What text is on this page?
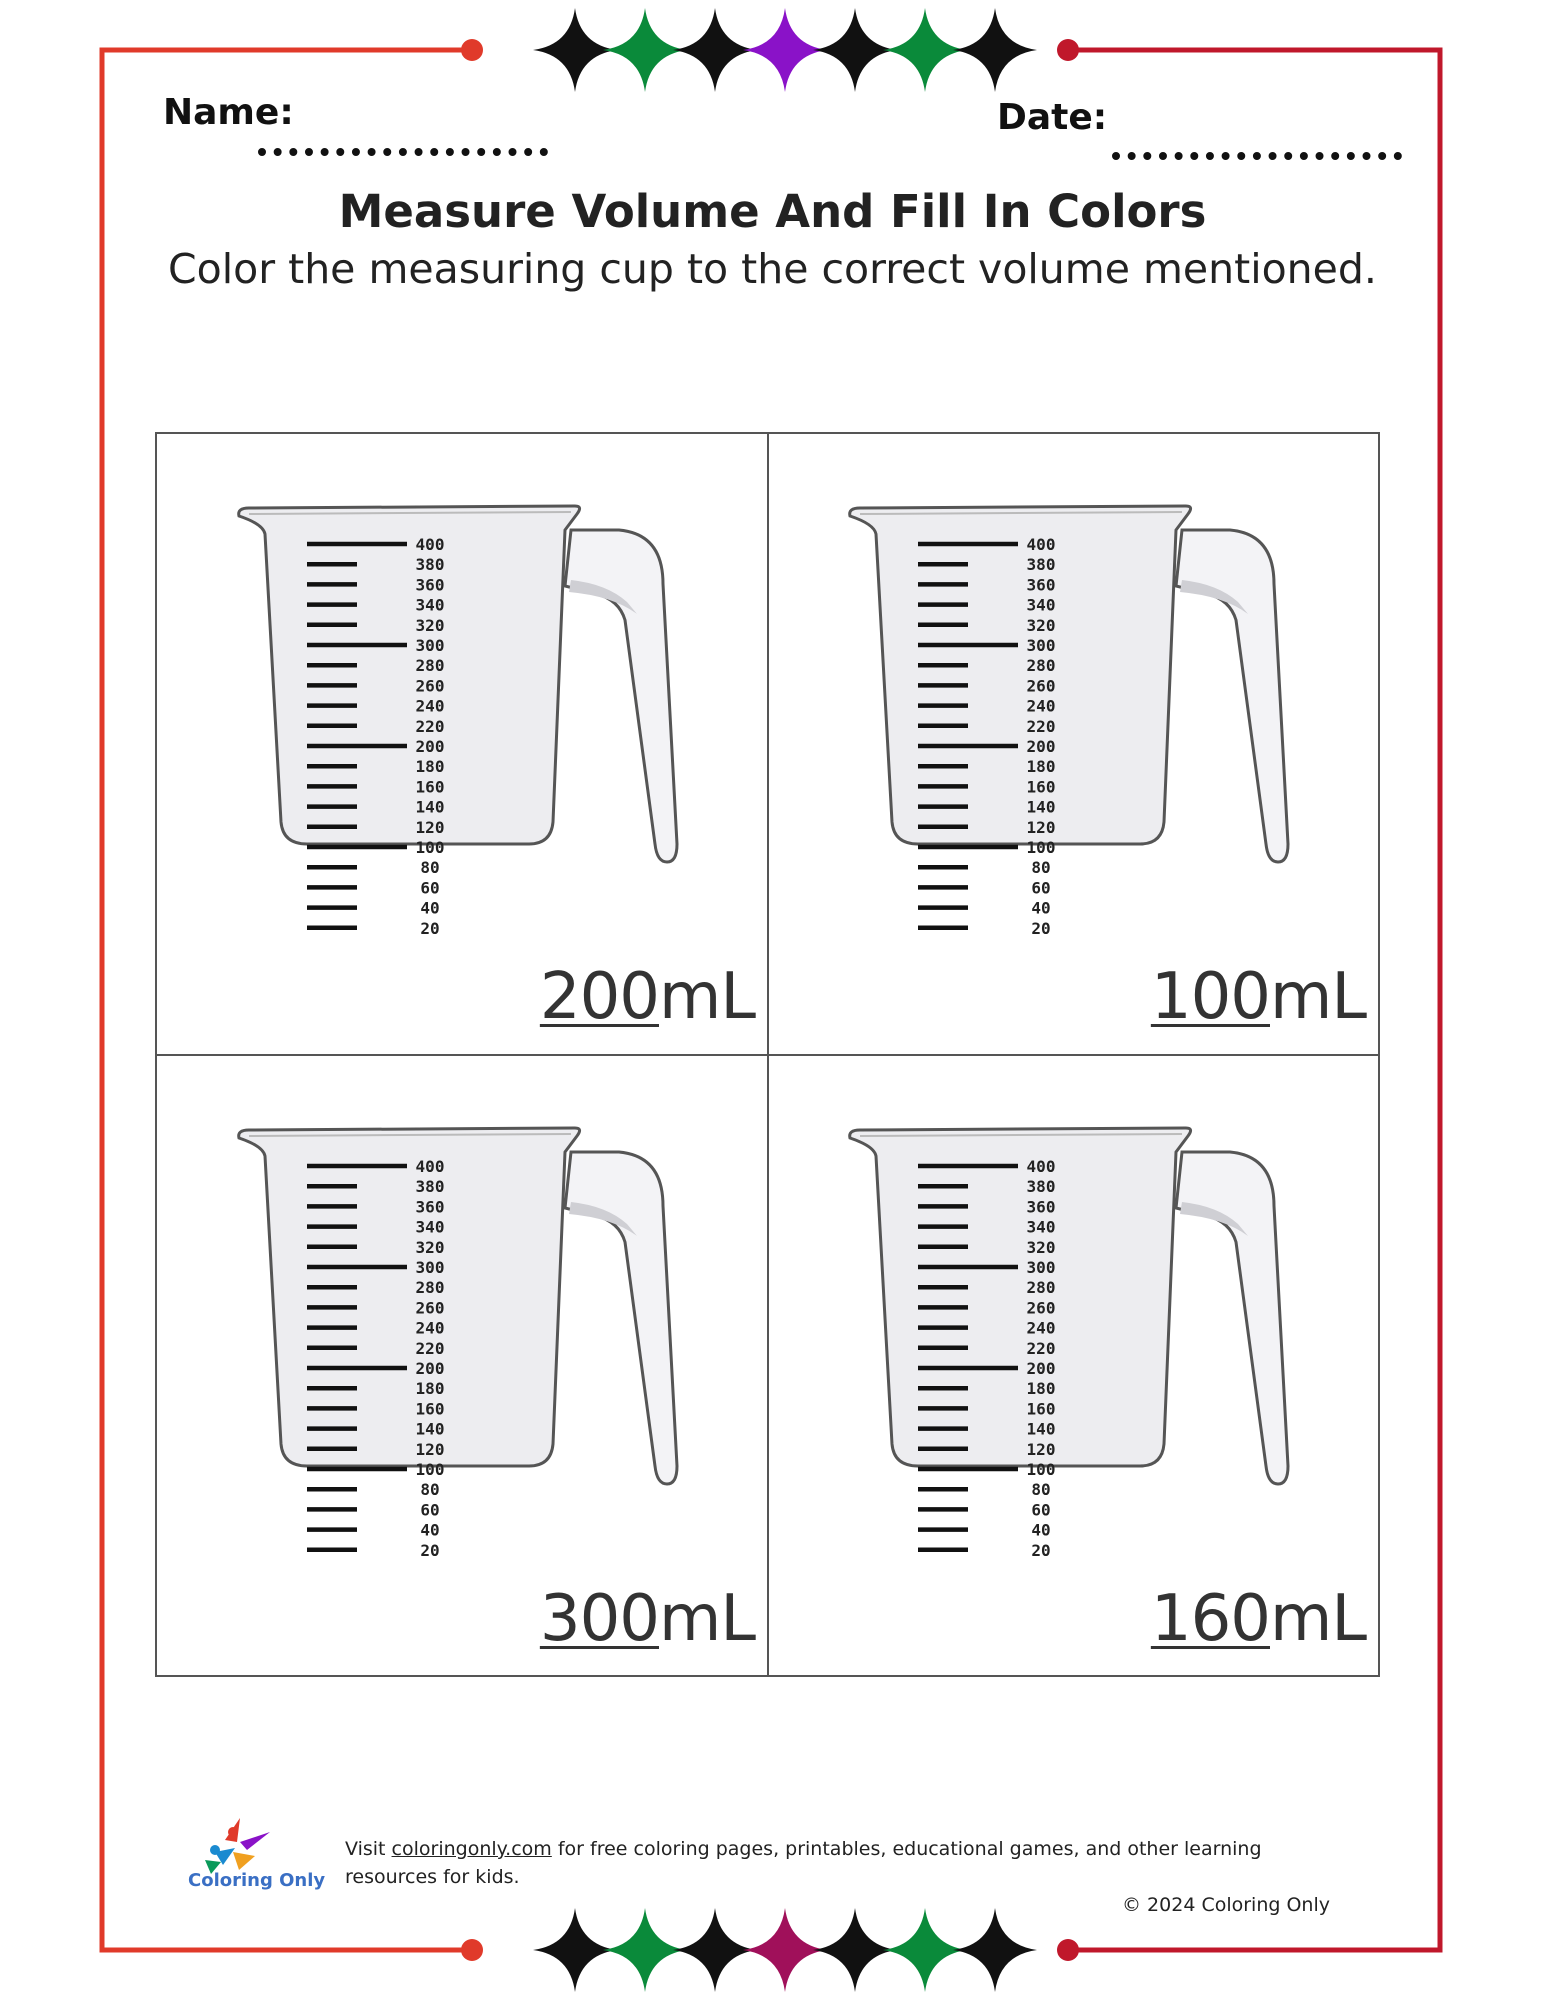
Name:	Date:
Measure Volume And Fill In Colors
Color the measuring cup to the correct volume mentioned.
400
380
360
340
320
300
280
260
240
220
200
180
160
140
120
100
80
60
40
20
200mL
400
380
360
340
320
300
280
260
240
220
200
180
160
140
120
100
80
60
40
20
100mL
400
380
360
340
320
300
280
260
240
220
200
180
160
140
120
100
80
60
40
20
300mL
400
380
360
340
320
300
280
260
240
220
200
180
160
140
120
100
80
60
40
20
160mL
Coloring Only
Visit coloringonly.com for free coloring pages, printables, educational games, and other learning resources for kids.
© 2024 Coloring Only
